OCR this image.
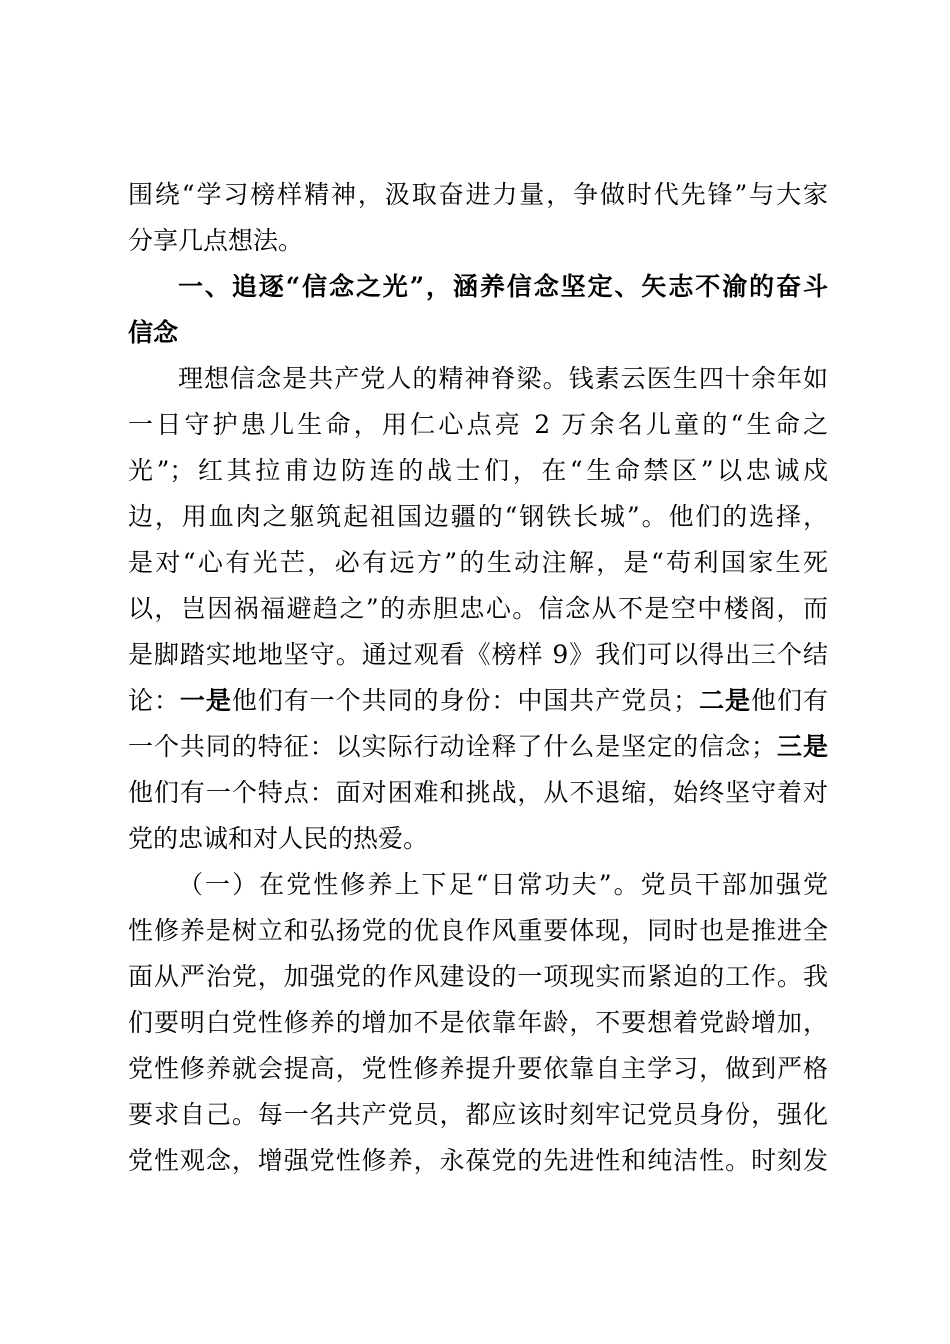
围绕“学习榜样精神，汲取奋进力量，争做时代先锋”与大家
分享几点想法。
一、追逐“信念之光”，涵养信念坚定、矢志不渝的奋斗
信念
理想信念是共产党人的精神脊梁。钱素云医生四十余年如
一日守护患儿生命，用仁心点亮 2 万余名儿童的“生命之
光”；红其拉甫边防连的战士们，在“生命禁区”以忠诚戍
边，用血肉之躯筑起祖国边疆的“钢铁长城”。他们的选择，
是对“心有光芒，必有远方”的生动注解，是“苟利国家生死
以，岂因祸福避趋之”的赤胆忠心。信念从不是空中楼阁，而
是脚踏实地地坚守。通过观看《榜样 9》我们可以得出三个结
论：一是他们有一个共同的身份：中国共产党员；二是他们有
一个共同的特征：以实际行动诠释了什么是坚定的信念；三是
他们有一个特点：面对困难和挑战，从不退缩，始终坚守着对
党的忠诚和对人民的热爱。
（一）在党性修养上下足“日常功夫”。党员干部加强党
性修养是树立和弘扬党的优良作风重要体现，同时也是推进全
面从严治党，加强党的作风建设的一项现实而紧迫的工作。我
们要明白党性修养的增加不是依靠年龄，不要想着党龄增加，
党性修养就会提高，党性修养提升要依靠自主学习，做到严格
要求自己。每一名共产党员，都应该时刻牢记党员身份，强化
党性观念，增强党性修养，永葆党的先进性和纯洁性。时刻发
